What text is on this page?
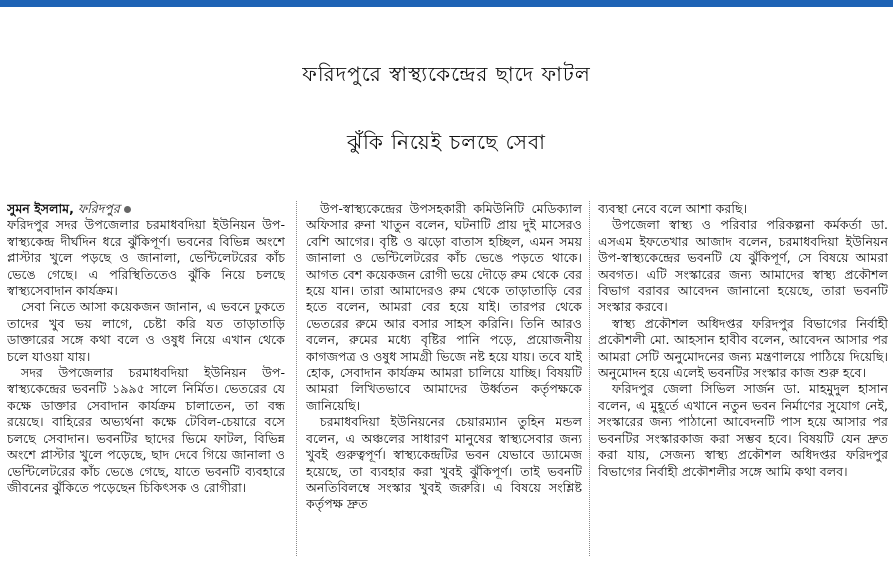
ফরিদপুরে স্বাস্থ্যকেন্দ্রের ছাদে ফাটল
ঝুঁকি নিয়েই চলছে সেবা

সুমন ইসলাম, ফরিদপুর

ফরিদপুর সদর উপজেলার চরমাধবদিয়া ইউনিয়ন উপ-স্বাস্থ্যকেন্দ্র দীর্ঘদিন ধরে ঝুঁকিপূর্ণ। ভবনের বিভিন্ন অংশে প্লাস্টার খুলে পড়ছে ও জানালা, ভেন্টিলেটরের কাঁচ ভেঙে গেছে। এ পরিস্থিতিতেও ঝুঁকি নিয়ে চলছে স্বাস্থ্যসেবাদান কার্যক্রম।

সেবা নিতে আসা কয়েকজন জানান, এ ভবনে ঢুকতে তাদের খুব ভয় লাগে, চেষ্টা করি যত তাড়াতাড়ি ডাক্তারের সঙ্গে কথা বলে ও ওষুধ নিয়ে এখান থেকে চলে যাওয়া যায়।

সদর উপজেলার চরমাধবদিয়া ইউনিয়ন উপ-স্বাস্থ্যকেন্দ্রের ভবনটি ১৯৯৫ সালে নির্মিত। ভেতরের যে কক্ষে ডাক্তার সেবাদান কার্যক্রম চালাতেন, তা বন্ধ রয়েছে। বাহিরের অভ্যর্থনা কক্ষে টেবিল-চেয়ারে বসে চলছে সেবাদান। ভবনটির ছাদের ভিমে ফাটল, বিভিন্ন অংশে প্লাস্টার খুলে পড়েছে, ছাদ দেবে গিয়ে জানালা ও ভেন্টিলেটরের কাঁচ ভেঙে গেছে, যাতে ভবনটি ব্যবহারে জীবনের ঝুঁকিতে পড়েছেন চিকিৎসক ও রোগীরা।

উপ-স্বাস্থ্যকেন্দ্রের উপসহকারী কমিউনিটি মেডিক্যাল অফিসার রুনা খাতুন বলেন, ঘটনাটি প্রায় দুই মাসেরও বেশি আগের। বৃষ্টি ও ঝড়ো বাতাস হচ্ছিল, এমন সময় জানালা ও ভেন্টিলেটরের কাঁচ ভেঙে পড়তে থাকে। আগত বেশ কয়েকজন রোগী ভয়ে দৌড়ে রুম থেকে বের হয়ে যান। তারা আমাদেরও রুম থেকে তাড়াতাড়ি বের হতে বলেন, আমরা বের হয়ে যাই। তারপর থেকে ভেতরের রুমে আর বসার সাহস করিনি। তিনি আরও বলেন, রুমের মধ্যে বৃষ্টির পানি পড়ে, প্রয়োজনীয় কাগজপত্র ও ওষুধ সামগ্রী ভিজে নষ্ট হয়ে যায়। তবে যাই হোক, সেবাদান কার্যক্রম আমরা চালিয়ে যাচ্ছি। বিষয়টি আমরা লিখিতভাবে আমাদের উর্ধ্বতন কর্তৃপক্ষকে জানিয়েছি।

চরমাধবদিয়া ইউনিয়নের চেয়ারম্যান তুহিন মন্ডল বলেন, এ অঞ্চলের সাধারণ মানুষের স্বাস্থ্যসেবার জন্য খুবই গুরুত্বপূর্ণ। স্বাস্থ্যকেন্দ্রটির ভবন যেভাবে ড্যামেজ হয়েছে, তা ব্যবহার করা খুবই ঝুঁকিপূর্ণ। তাই ভবনটি অনতিবিলম্বে সংস্কার খুবই জরুরি। এ বিষয়ে সংশ্লিষ্ট কর্তৃপক্ষ দ্রুত

ব্যবস্থা নেবে বলে আশা করছি।

উপজেলা স্বাস্থ্য ও পরিবার পরিকল্পনা কর্মকর্তা ডা. এসএম ইফতেখার আজাদ বলেন, চরমাধবদিয়া ইউনিয়ন উপ-স্বাস্থ্যকেন্দ্রের ভবনটি যে ঝুঁকিপূর্ণ, সে বিষয়ে আমরা অবগত। এটি সংস্কারের জন্য আমাদের স্বাস্থ্য প্রকৌশল বিভাগ বরাবর আবেদন জানানো হয়েছে, তারা ভবনটি সংস্কার করবে।

স্বাস্থ্য প্রকৌশল অধিদপ্তর ফরিদপুর বিভাগের নির্বাহী প্রকৌশলী মো. আহসান হাবীব বলেন, আবেদন আসার পর আমরা সেটি অনুমোদনের জন্য মন্ত্রণালয়ে পাঠিয়ে দিয়েছি। অনুমোদন হয়ে এলেই ভবনটির সংস্কার কাজ শুরু হবে।

ফরিদপুর জেলা সিভিল সার্জন ডা. মাহমুদুল হাসান বলেন, এ মুহূর্তে এখানে নতুন ভবন নির্মাণের সুযোগ নেই, সংস্কারের জন্য পাঠানো আবেদনটি পাস হয়ে আসার পর ভবনটির সংস্কারকাজ করা সম্ভব হবে। বিষয়টি যেন দ্রুত করা যায়, সেজন্য স্বাস্থ্য প্রকৌশল অধিদপ্তর ফরিদপুর বিভাগের নির্বাহী প্রকৌশলীর সঙ্গে আমি কথা বলব।
